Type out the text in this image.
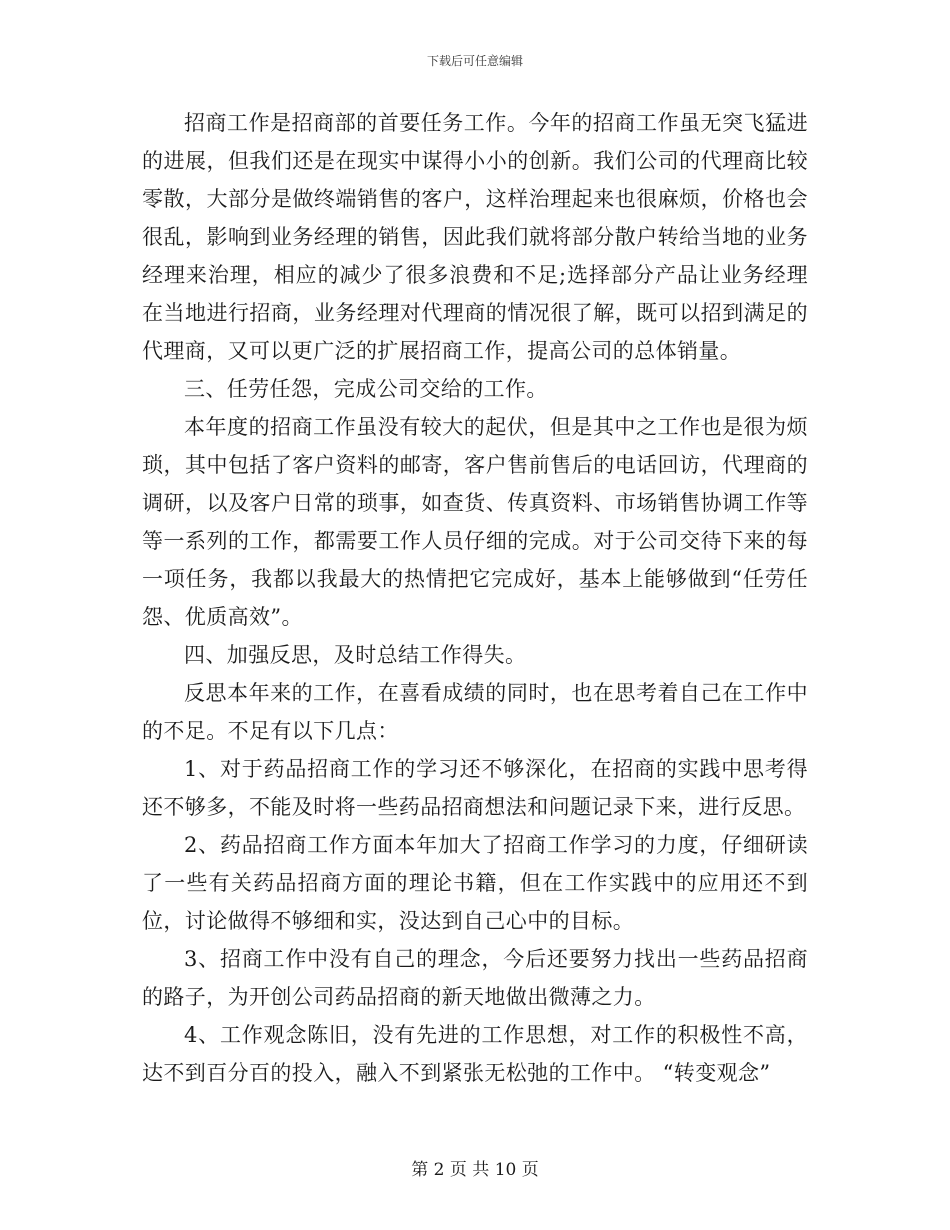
下载后可任意编辑

招商工作是招商部的首要任务工作。今年的招商工作虽无突飞猛进的进展，但我们还是在现实中谋得小小的创新。我们公司的代理商比较零散，大部分是做终端销售的客户，这样治理起来也很麻烦，价格也会很乱，影响到业务经理的销售，因此我们就将部分散户转给当地的业务经理来治理，相应的减少了很多浪费和不足;选择部分产品让业务经理在当地进行招商，业务经理对代理商的情况很了解，既可以招到满足的代理商，又可以更广泛的扩展招商工作，提高公司的总体销量。

三、任劳任怨，完成公司交给的工作。

本年度的招商工作虽没有较大的起伏，但是其中之工作也是很为烦琐，其中包括了客户资料的邮寄，客户售前售后的电话回访，代理商的调研，以及客户日常的琐事，如查货、传真资料、市场销售协调工作等等一系列的工作，都需要工作人员仔细的完成。对于公司交待下来的每一项任务，我都以我最大的热情把它完成好，基本上能够做到“任劳任怨、优质高效”。

四、加强反思，及时总结工作得失。

反思本年来的工作，在喜看成绩的同时，也在思考着自己在工作中的不足。不足有以下几点：

1、对于药品招商工作的学习还不够深化，在招商的实践中思考得还不够多，不能及时将一些药品招商想法和问题记录下来，进行反思。

2、药品招商工作方面本年加大了招商工作学习的力度，仔细研读了一些有关药品招商方面的理论书籍，但在工作实践中的应用还不到位，讨论做得不够细和实，没达到自己心中的目标。

3、招商工作中没有自己的理念，今后还要努力找出一些药品招商的路子，为开创公司药品招商的新天地做出微薄之力。

4、工作观念陈旧，没有先进的工作思想，对工作的积极性不高，达不到百分百的投入，融入不到紧张无松弛的工作中。 “转变观念”

第 2 页 共 10 页
